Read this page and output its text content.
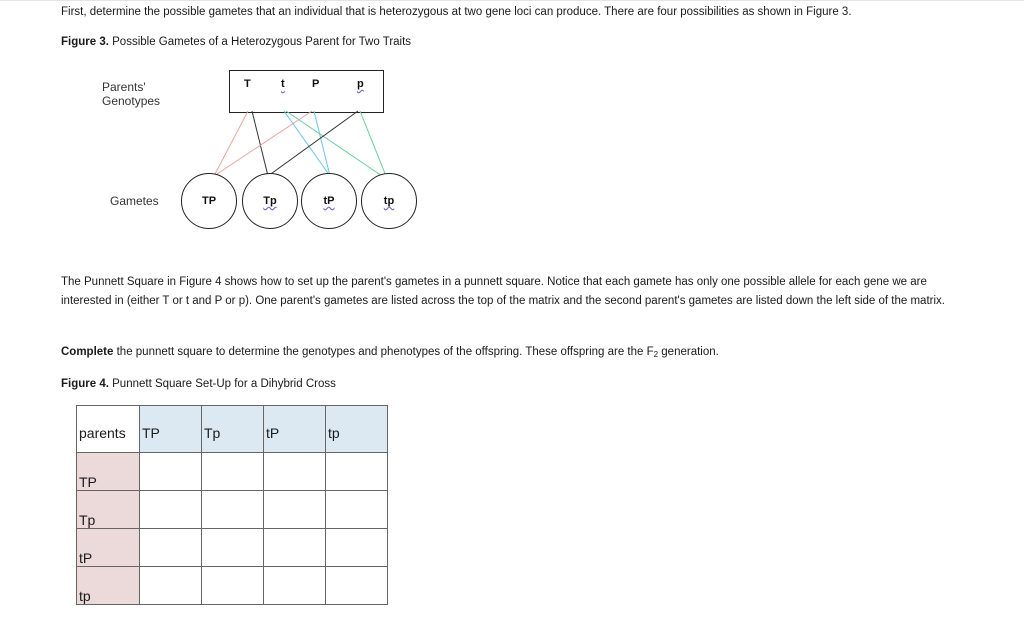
First, determine the possible gametes that an individual that is heterozygous at two gene loci can produce. There are four possibilities as shown in Figure 3.

Figure 3. Possible Gametes of a Heterozygous Parent for Two Traits

Parents'
Genotypes
T	t P	p
Gametes	TP	Tp	tP	tp

The Punnett Square in Figure 4 shows how to set up the parent's gametes in a punnett square. Notice that each gamete has only one possible allele for each gene we are interested in (either T or t and P or p). One parent's gametes are listed across the top of the matrix and the second parent's gametes are listed down the left side of the matrix.

Complete the punnett square to determine the genotypes and phenotypes of the offspring. These offspring are the $F_2$ generation.

Figure 4. Punnett Square Set-Up for a Dihybrid Cross

parents	TP	Tp	tP	tp
TP				
Tp				
tP				
tp				
